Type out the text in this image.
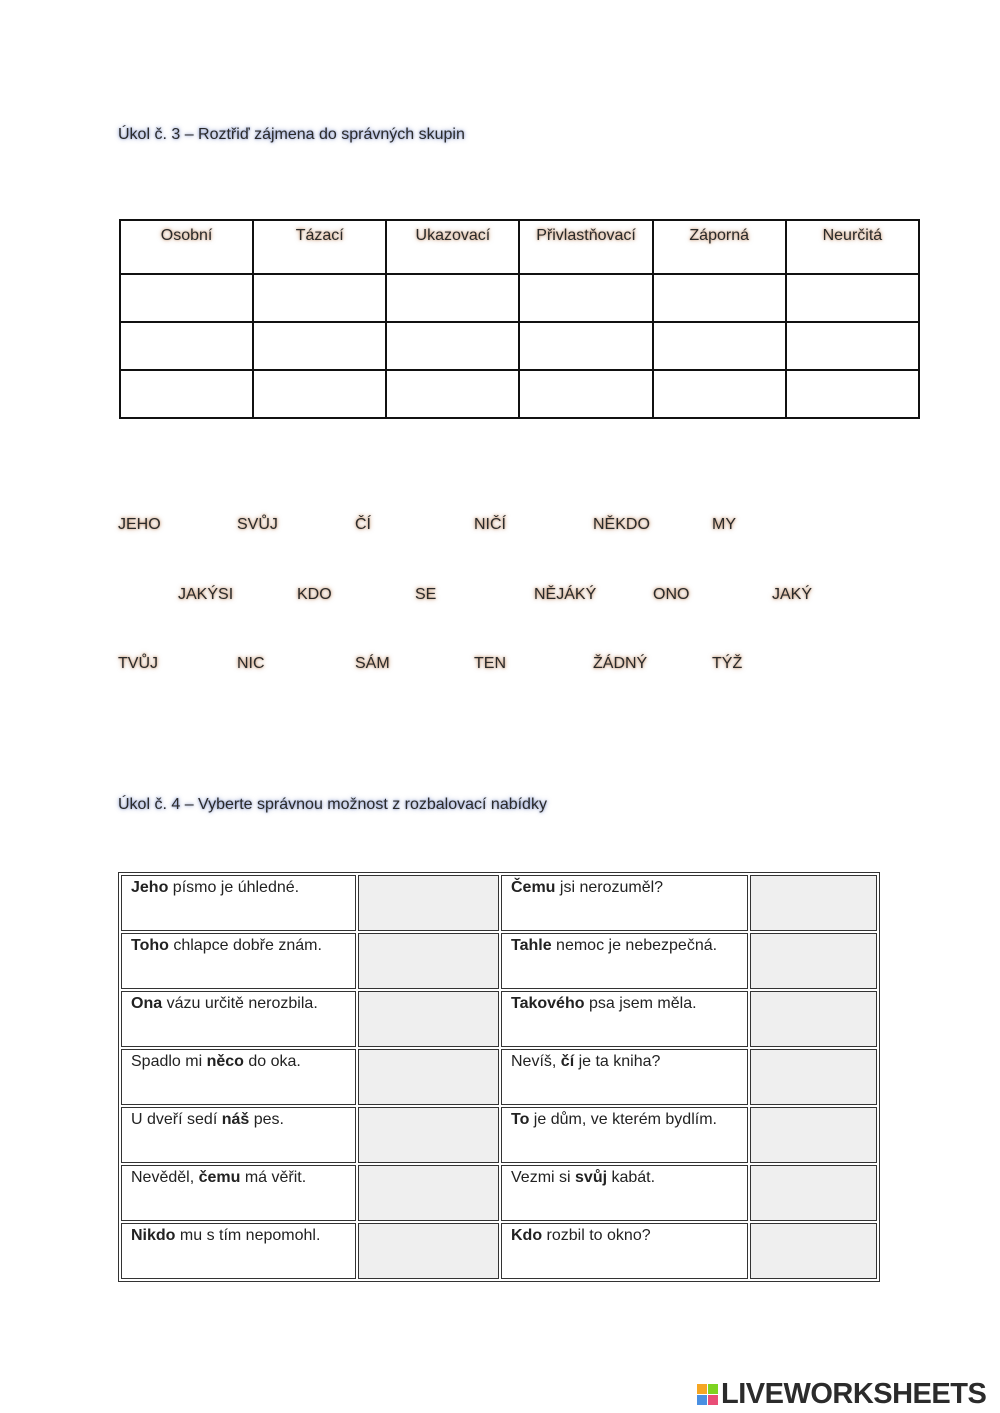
Úkol č. 3 – Roztřiď zájmena do správných skupin
Osobní	Tázací	Ukazovací	Přivlastňovací	Záporná	Neurčitá

JEHO	SVŮJ	ČÍ	NIČÍ	NĚKDO	MY
JAKÝSI	KDO	SE	NĚJÁKÝ	ONO	JAKÝ
TVŮJ	NIC	SÁM	TEN	ŽÁDNÝ	TÝŽ
Úkol č. 4 – Vyberte správnou možnost z rozbalovací nabídky
Jeho písmo je úhledné.		Čemu jsi nerozuměl?	
Toho chlapce dobře znám.		Tahle nemoc je nebezpečná.	
Ona vázu určitě nerozbila.		Takového psa jsem měla.	
Spadlo mi něco do oka.		Nevíš, čí je ta kniha?	
U dveří sedí náš pes.		To je dům, ve kterém bydlím.	
Nevěděl, čemu má věřit.		Vezmi si svůj kabát.	
Nikdo mu s tím nepomohl.		Kdo rozbil to okno?	
LIVEWORKSHEETS
